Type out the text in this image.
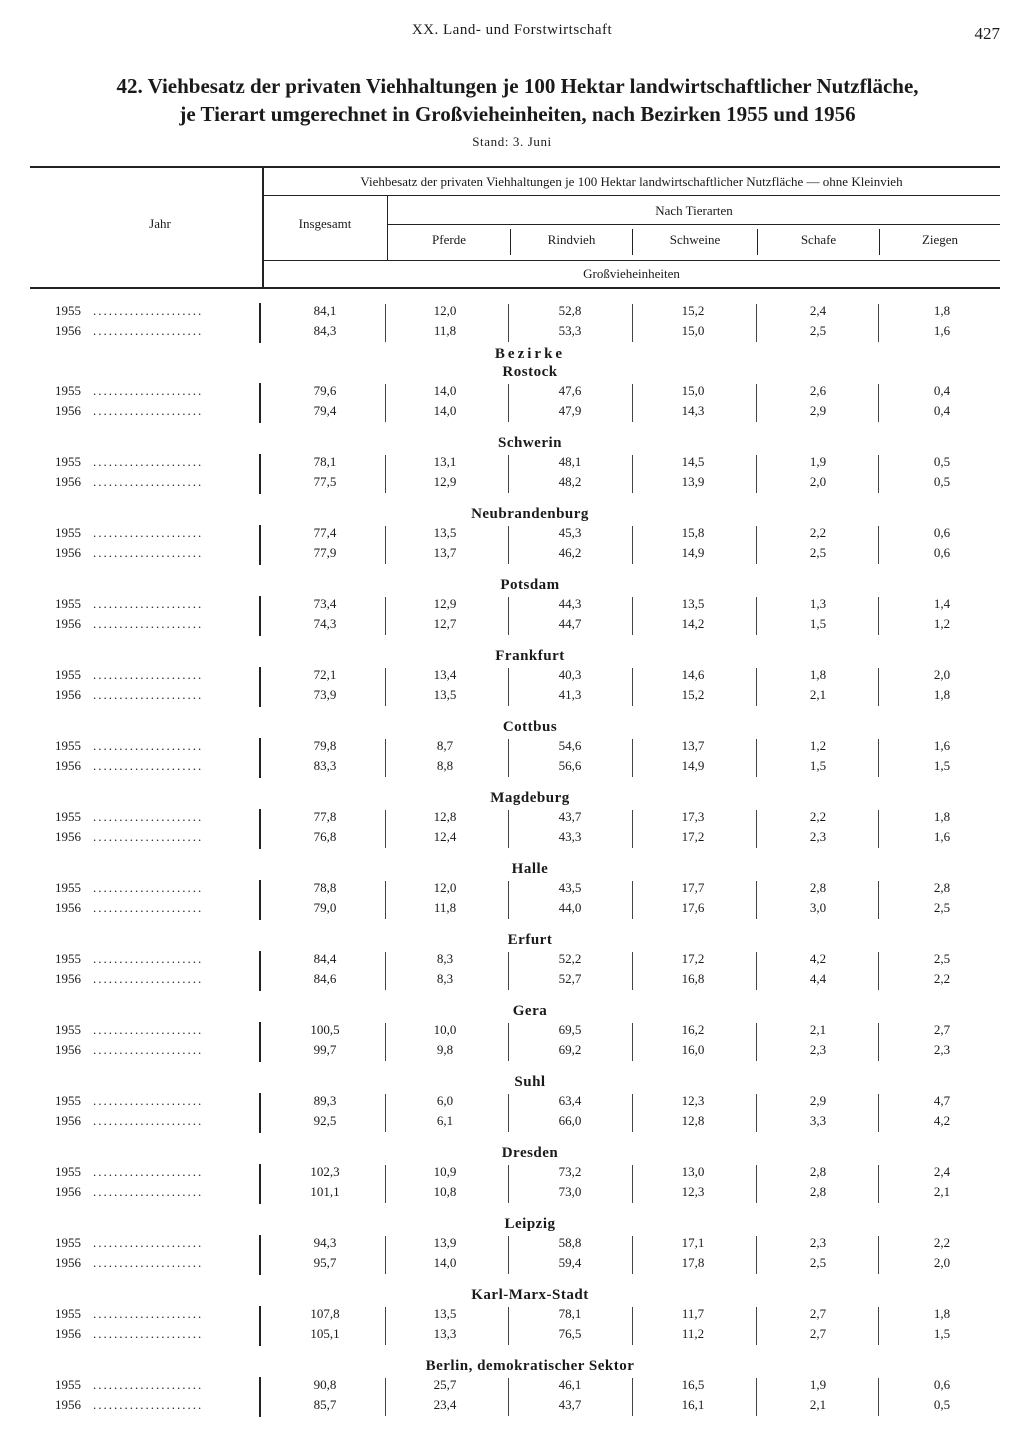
XX. Land- und Forstwirtschaft	427
42. Viehbesatz der privaten Viehhaltungen je 100 Hektar landwirtschaftlicher Nutzfläche,
je Tierart umgerechnet in Großvieheinheiten, nach Bezirken 1955 und 1956
Stand: 3. Juni
Jahr
Viehbesatz der privaten Viehhaltungen je 100 Hektar landwirtschaftlicher Nutzfläche — ohne Kleinvieh
Insgesamt
Nach Tierarten
Pferde	Rindvieh	Schweine	Schafe	Ziegen
Großvieheinheiten
1955 .....................	84,1	12,0	52,8	15,2	2,4	1,8
1956 .....................	84,3	11,8	53,3	15,0	2,5	1,6
Bezirke
Rostock
1955 .....................	79,6	14,0	47,6	15,0	2,6	0,4
1956 .....................	79,4	14,0	47,9	14,3	2,9	0,4
Schwerin
1955 .....................	78,1	13,1	48,1	14,5	1,9	0,5
1956 .....................	77,5	12,9	48,2	13,9	2,0	0,5
Neubrandenburg
1955 .....................	77,4	13,5	45,3	15,8	2,2	0,6
1956 .....................	77,9	13,7	46,2	14,9	2,5	0,6
Potsdam
1955 .....................	73,4	12,9	44,3	13,5	1,3	1,4
1956 .....................	74,3	12,7	44,7	14,2	1,5	1,2
Frankfurt
1955 .....................	72,1	13,4	40,3	14,6	1,8	2,0
1956 .....................	73,9	13,5	41,3	15,2	2,1	1,8
Cottbus
1955 .....................	79,8	8,7	54,6	13,7	1,2	1,6
1956 .....................	83,3	8,8	56,6	14,9	1,5	1,5
Magdeburg
1955 .....................	77,8	12,8	43,7	17,3	2,2	1,8
1956 .....................	76,8	12,4	43,3	17,2	2,3	1,6
Halle
1955 .....................	78,8	12,0	43,5	17,7	2,8	2,8
1956 .....................	79,0	11,8	44,0	17,6	3,0	2,5
Erfurt
1955 .....................	84,4	8,3	52,2	17,2	4,2	2,5
1956 .....................	84,6	8,3	52,7	16,8	4,4	2,2
Gera
1955 .....................	100,5	10,0	69,5	16,2	2,1	2,7
1956 .....................	99,7	9,8	69,2	16,0	2,3	2,3
Suhl
1955 .....................	89,3	6,0	63,4	12,3	2,9	4,7
1956 .....................	92,5	6,1	66,0	12,8	3,3	4,2
Dresden
1955 .....................	102,3	10,9	73,2	13,0	2,8	2,4
1956 .....................	101,1	10,8	73,0	12,3	2,8	2,1
Leipzig
1955 .....................	94,3	13,9	58,8	17,1	2,3	2,2
1956 .....................	95,7	14,0	59,4	17,8	2,5	2,0
Karl-Marx-Stadt
1955 .....................	107,8	13,5	78,1	11,7	2,7	1,8
1956 .....................	105,1	13,3	76,5	11,2	2,7	1,5
Berlin, demokratischer Sektor
1955 .....................	90,8	25,7	46,1	16,5	1,9	0,6
1956 .....................	85,7	23,4	43,7	16,1	2,1	0,5
